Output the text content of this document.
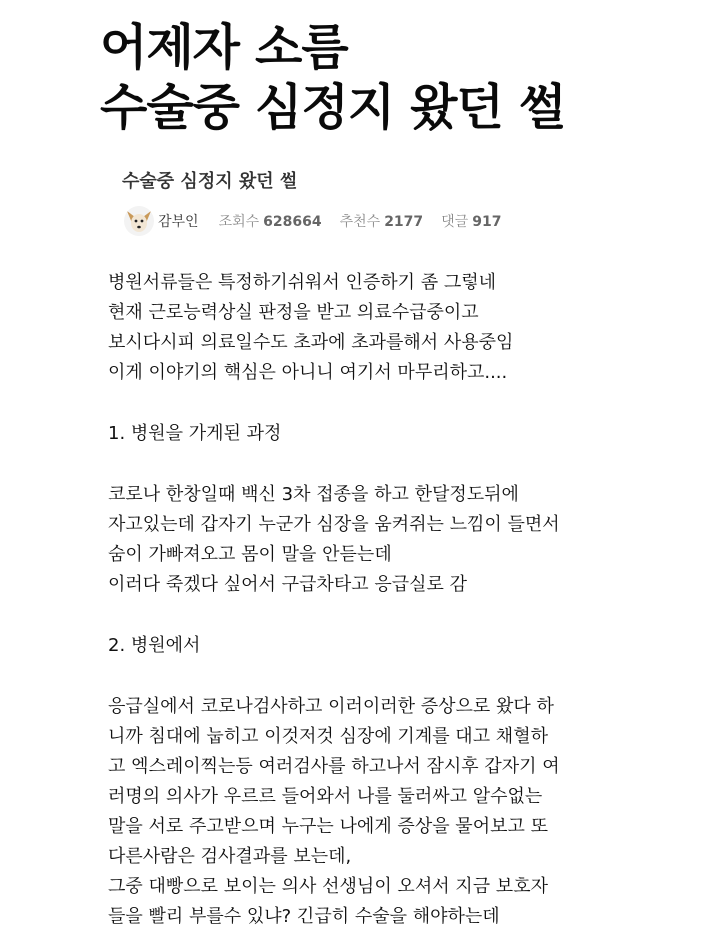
어제자 소름
수술중 심정지 왔던 썰
수술중 심정지 왔던 썰
감부인 조회수 628664 추천수 2177 댓글 917
병원서류들은 특정하기쉬워서 인증하기 좀 그렇네
현재 근로능력상실 판정을 받고 의료수급중이고
보시다시피 의료일수도 초과에 초과를해서 사용중임
이게 이야기의 핵심은 아니니 여기서 마무리하고....
1. 병원을 가게된 과정
코로나 한창일때 백신 3차 접종을 하고 한달정도뒤에
자고있는데 갑자기 누군가 심장을 움켜쥐는 느낌이 들면서
숨이 가빠져오고 몸이 말을 안듣는데
이러다 죽겠다 싶어서 구급차타고 응급실로 감
2. 병원에서
응급실에서 코로나검사하고 이러이러한 증상으로 왔다 하
니까 침대에 눕히고 이것저것 심장에 기계를 대고 채혈하
고 엑스레이찍는등 여러검사를 하고나서 잠시후 갑자기 여
러명의 의사가 우르르 들어와서 나를 둘러싸고 알수없는
말을 서로 주고받으며 누구는 나에게 증상을 물어보고 또
다른사람은 검사결과를 보는데,
그중 대빵으로 보이는 의사 선생님이 오셔서 지금 보호자
들을 빨리 부를수 있냐? 긴급히 수술을 해야하는데
